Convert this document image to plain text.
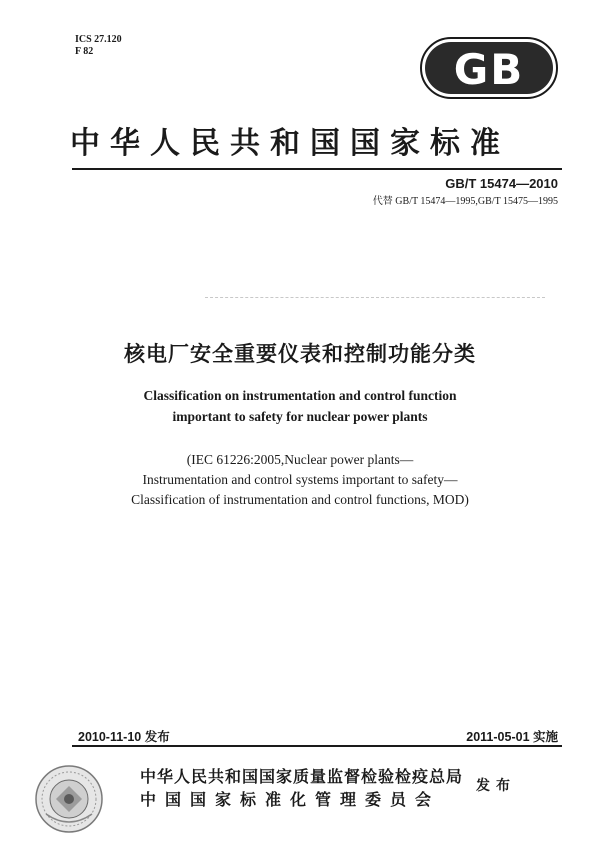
ICS 27.120
F 82	GB
中华人民共和国国家标准
GB/T 15474—2010
代替 GB/T 15474—1995,GB/T 15475—1995
核电厂安全重要仪表和控制功能分类
Classification on instrumentation and control function
important to safety for nuclear power plants
(IEC 61226:2005,Nuclear power plants—
Instrumentation and control systems important to safety—
Classification of instrumentation and control functions, MOD)
2010-11-10 发布	2011-05-01 实施
中华人民共和国国家质量监督检验检疫总局
中国国家标准化管理委员会
发布
